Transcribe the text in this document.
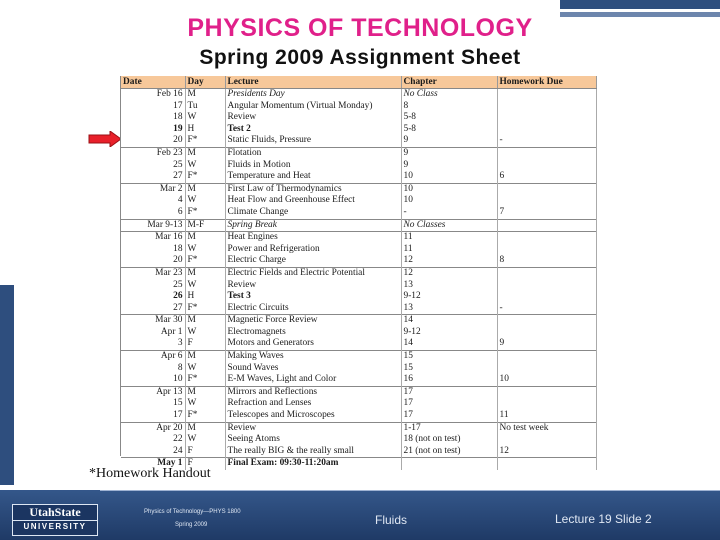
PHYSICS OF TECHNOLOGY
Spring 2009 Assignment Sheet
Date	Day	Lecture	Chapter	Homework Due
Feb 16	M	Presidents Day	No Class	
17	Tu	Angular Momentum (Virtual Monday)	8	
18	W	Review	5-8	
19	H	Test 2	5-8	
20	F*	Static Fluids, Pressure	9	-
Feb 23	M	Flotation	9	
25	W	Fluids in Motion	9	
27	F*	Temperature and Heat	10	6
Mar 2	M	First Law of Thermodynamics	10	
4	W	Heat Flow and Greenhouse Effect	10	
6	F*	Climate Change	-	7
Mar 9-13	M-F	Spring Break	No Classes	
Mar 16	M	Heat Engines	11	
18	W	Power and Refrigeration	11	
20	F*	Electric Charge	12	8
Mar 23	M	Electric Fields and Electric Potential	12	
25	W	Review	13	
26	H	Test 3	9-12	
27	F*	Electric Circuits	13	-
Mar 30	M	Magnetic Force Review	14	
Apr 1	W	Electromagnets	9-12	
3	F	Motors and Generators	14	9
Apr 6	M	Making Waves	15	
8	W	Sound Waves	15	
10	F*	E-M Waves, Light and Color	16	10
Apr 13	M	Mirrors and Reflections	17	
15	W	Refraction and Lenses	17	
17	F*	Telescopes and Microscopes	17	11
Apr 20	M	Review	1-17	No test week
22	W	Seeing Atoms	18 (not on test)	
24	F	The really BIG & the really small	21 (not on test)	12
May 1	F	Final Exam: 09:30-11:20am		
*Homework Handout
UtahState
UNIVERSITY
Physics of Technology—PHYS 1800
Spring 2009	Fluids	Lecture 19 Slide 2
